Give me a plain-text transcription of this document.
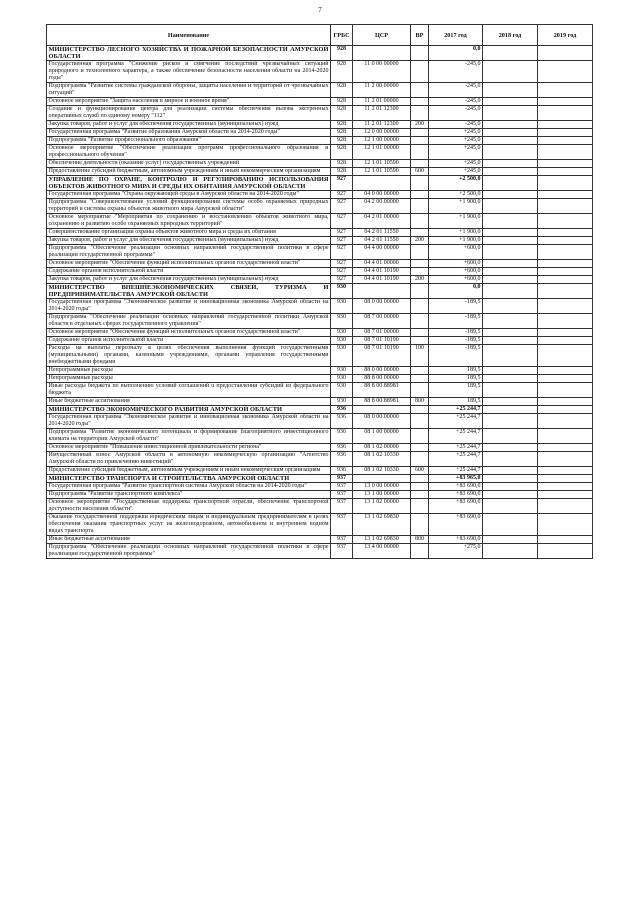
7
Наименование	ГРБС	ЦСР	ВР	2017 год	2018 год	2019 год
МИНИСТЕРСТВО ЛЕСНОГО ХОЗЯЙСТВА И ПОЖАРНОЙ БЕЗОПАСНОСТИ АМУРСКОЙ ОБЛАСТИ	928			0,0		
Государственная программа "Снижение рисков и смягчение последствий чрезвычайных ситуаций природного и техногенного характера, а также обеспечение безопасности населения области на 2014-2020 годы"	928	11 0 00 00000		-245,0		
Подпрограмма "Развитие системы гражданской обороны, защиты населения и территорий от чрезвычайных ситуаций"	928	11 2 00 00000		-245,0		
Основное мероприятие "Защита населения в мирное и военное время"	928	11 2 01 00000		-245,0		
Создание и функционирование центра для реализации системы обеспечения вызова экстренных оперативных служб по единому номеру "112"	928	11 2 01 12300		-245,0		
Закупка товаров, работ и услуг для обеспечения государственных (муниципальных) нужд	928	11 2 01 12300	200	-245,0		
Государственная программа "Развитие образования Амурской области на 2014-2020 годы"	928	12 0 00 00000		+245,0		
Подпрограмма "Развитие профессионального образования"	928	12 1 00 00000		+245,0		
Основное мероприятие "Обеспечение реализации программ профессионального образования и профессионального обучения"	928	12 1 01 00000		+245,0		
Обеспечение деятельности (оказание услуг) государственных учреждений	928	12 1 01 10590		+245,0		
Предоставление субсидий бюджетным, автономным учреждениям и иным некоммерческим организациям	928	12 1 01 10590	600	+245,0		
УПРАВЛЕНИЕ ПО ОХРАНЕ, КОНТРОЛЮ И РЕГУЛИРОВАНИЮ ИСПОЛЬЗОВАНИЯ ОБЪЕКТОВ ЖИВОТНОГО МИРА И СРЕДЫ ИХ ОБИТАНИЯ АМУРСКОЙ ОБЛАСТИ	927			+2 500,0		
Государственная программа "Охрана окружающей среды в Амурской области на 2014-2020 годы"	927	04 0 00 00000		+2 500,0		
Подпрограмма "Совершенствование условий функционирования системы особо охраняемых природных территорий и системы охраны объектов животного мира Амурской области"	927	04 2 00 00000		+1 900,0		
Основное мероприятие "Мероприятия по сохранению и восстановлению объектов животного мира, сохранению и развитию особо охраняемых природных территорий"	927	04 2 01 00000		+1 900,0		
Совершенствование организации охраны объектов животного мира и среды их обитания	927	04 2 01 11550		+1 900,0		
Закупка товаров, работ и услуг для обеспечения государственных (муниципальных) нужд	927	04 2 01 11550	200	+1 900,0		
Подпрограмма "Обеспечение реализации основных направлений государственной политики в сфере реализации государственной программы"	927	04 4 00 00000		+600,0		
Основное мероприятие "Обеспечение функций исполнительных органов государственной власти"	927	04 4 01 00000		+600,0		
Содержание органов исполнительной власти	927	04 4 01 10190		+600,0		
Закупка товаров, работ и услуг для обеспечения государственных (муниципальных) нужд	927	04 4 01 10190	200	+600,0		
МИНИСТЕРСТВО ВНЕШНЕЭКОНОМИЧЕСКИХ СВЯЗЕЙ, ТУРИЗМА И ПРЕДПРИНИМАТЕЛЬСТВА АМУРСКОЙ ОБЛАСТИ	930			0,0		
Государственная программа "Экономическое развитие и инновационная экономика Амурской области на 2014-2020 годы"	930	08 0 00 00000		-189,5		
Подпрограмма "Обеспечение реализации основных направлений государственной политики Амурской области в отдельных сферах государственного управления"	930	08 7 00 00000		-189,5		
Основное мероприятие "Обеспечение функций исполнительных органов государственной власти"	930	08 7 01 00000		-189,5		
Содержание органов исполнительной власти	930	08 7 01 10190		-189,5		
Расходы на выплаты персоналу в целях обеспечения выполнения функций государственными (муниципальными) органами, казенными учреждениями, органами управления государственными внебюджетными фондами	930	08 7 01 10190	100	-189,5		
Непрограммные расходы	930	88 0 00 00000		189,5		
Непрограммные расходы	930	88 8 00 00000		189,5		
Иные расходы бюджета по выполнению условий соглашений о предоставлении субсидий из федерального бюджета	930	88 8 00 88981		189,5		
Иные бюджетные ассигнования	930	88 8 00 88981	800	189,5		
МИНИСТЕРСТВО ЭКОНОМИЧЕСКОГО РАЗВИТИЯ АМУРСКОЙ ОБЛАСТИ	936			+25 244,7		
Государственная программа "Экономическое развитие и инновационная экономика Амурской области на 2014-2020 годы"	936	08 0 00 00000		+25 244,7		
Подпрограмма "Развитие экономического потенциала и формирование благоприятного инвестиционного климата на территории Амурской области"	936	08 1 00 00000		+25 244,7		
Основное мероприятие "Повышение инвестиционной привлекательности региона"	936	08 1 02 00000		+25 244,7		
Имущественный взнос Амурской области в автономную некоммерческую организацию "Агентство Амурской области по привлечению инвестиций"	936	08 1 02 10330		+25 244,7		
Предоставление субсидий бюджетным, автономным учреждениям и иным некоммерческим организациям	936	08 1 02 10330	600	+25 244,7		
МИНИСТЕРСТВО ТРАНСПОРТА И СТРОИТЕЛЬСТВА АМУРСКОЙ ОБЛАСТИ	937			+83 965,0		
Государственная программа "Развитие транспортной системы Амурской области на 2014-2020 годы"	937	13 0 00 00000		+83 690,0		
Подпрограмма "Развитие транспортного комплекса"	937	13 1 00 00000		+83 690,0		
Основное мероприятие "Государственная поддержка транспортной отрасли, обеспечение транспортной доступности населения области"	937	13 1 02 00000		+83 690,0		
Оказание государственной поддержки юридическим лицам и индивидуальным предпринимателям в целях обеспечения оказания транспортных услуг на железнодорожном, автомобильном и внутреннем водном видах транспорта	937	13 1 02 69830		+83 690,0		
Иные бюджетные ассигнования	937	13 1 02 69830	800	+83 690,0		
Подпрограмма "Обеспечение реализации основных направлений государственной политики в сфере реализации государственной программы"	937	13 4 00 00000		+275,0		
